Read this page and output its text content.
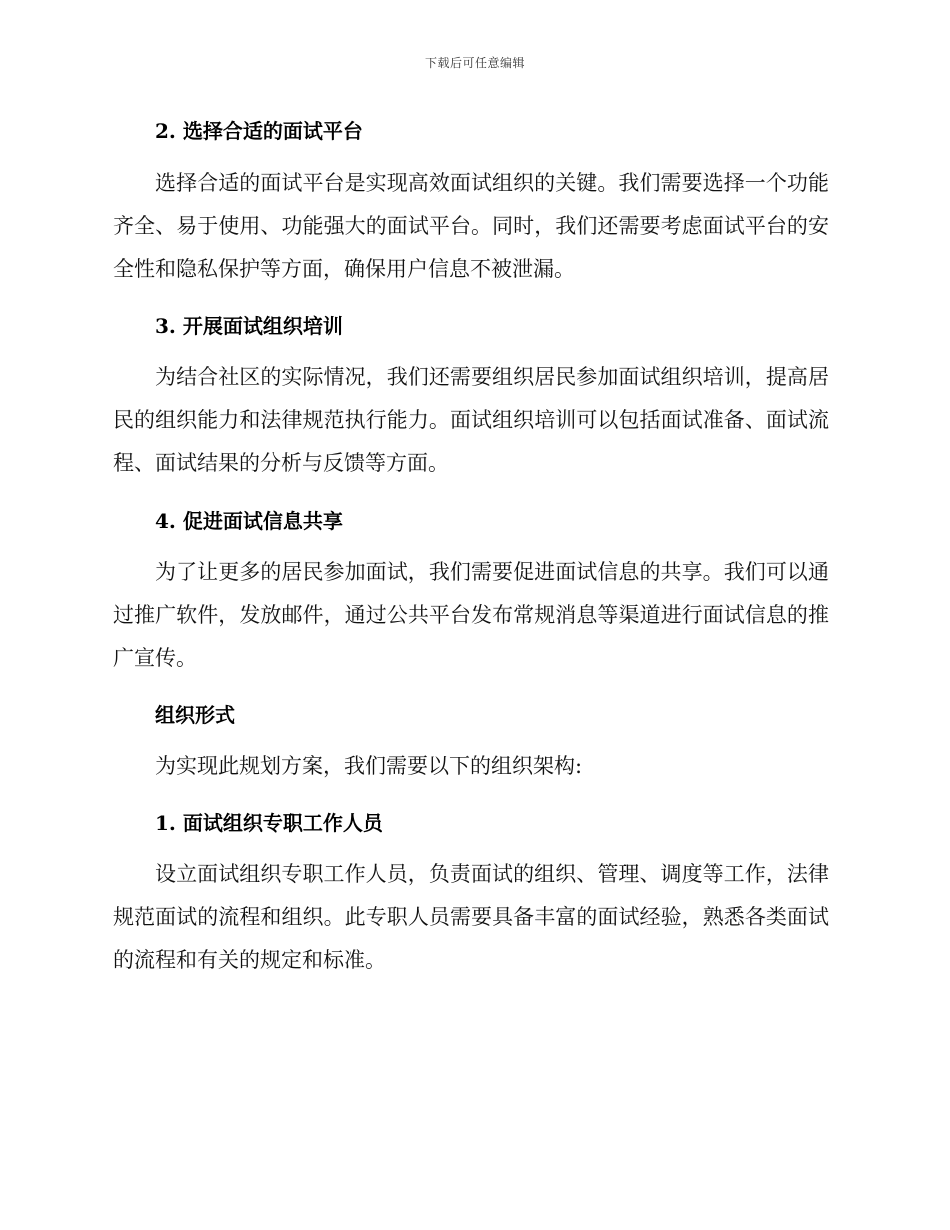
下载后可任意编辑
2. 选择合适的面试平台
选择合适的面试平台是实现高效面试组织的关键。我们需要选择一个功能齐全、易于使用、功能强大的面试平台。同时，我们还需要考虑面试平台的安全性和隐私保护等方面，确保用户信息不被泄漏。
3. 开展面试组织培训
为结合社区的实际情况，我们还需要组织居民参加面试组织培训，提高居民的组织能力和法律规范执行能力。面试组织培训可以包括面试准备、面试流程、面试结果的分析与反馈等方面。
4. 促进面试信息共享
为了让更多的居民参加面试，我们需要促进面试信息的共享。我们可以通过推广软件，发放邮件，通过公共平台发布常规消息等渠道进行面试信息的推广宣传。
组织形式
为实现此规划方案，我们需要以下的组织架构:
1. 面试组织专职工作人员
设立面试组织专职工作人员，负责面试的组织、管理、调度等工作，法律规范面试的流程和组织。此专职人员需要具备丰富的面试经验，熟悉各类面试的流程和有关的规定和标准。
